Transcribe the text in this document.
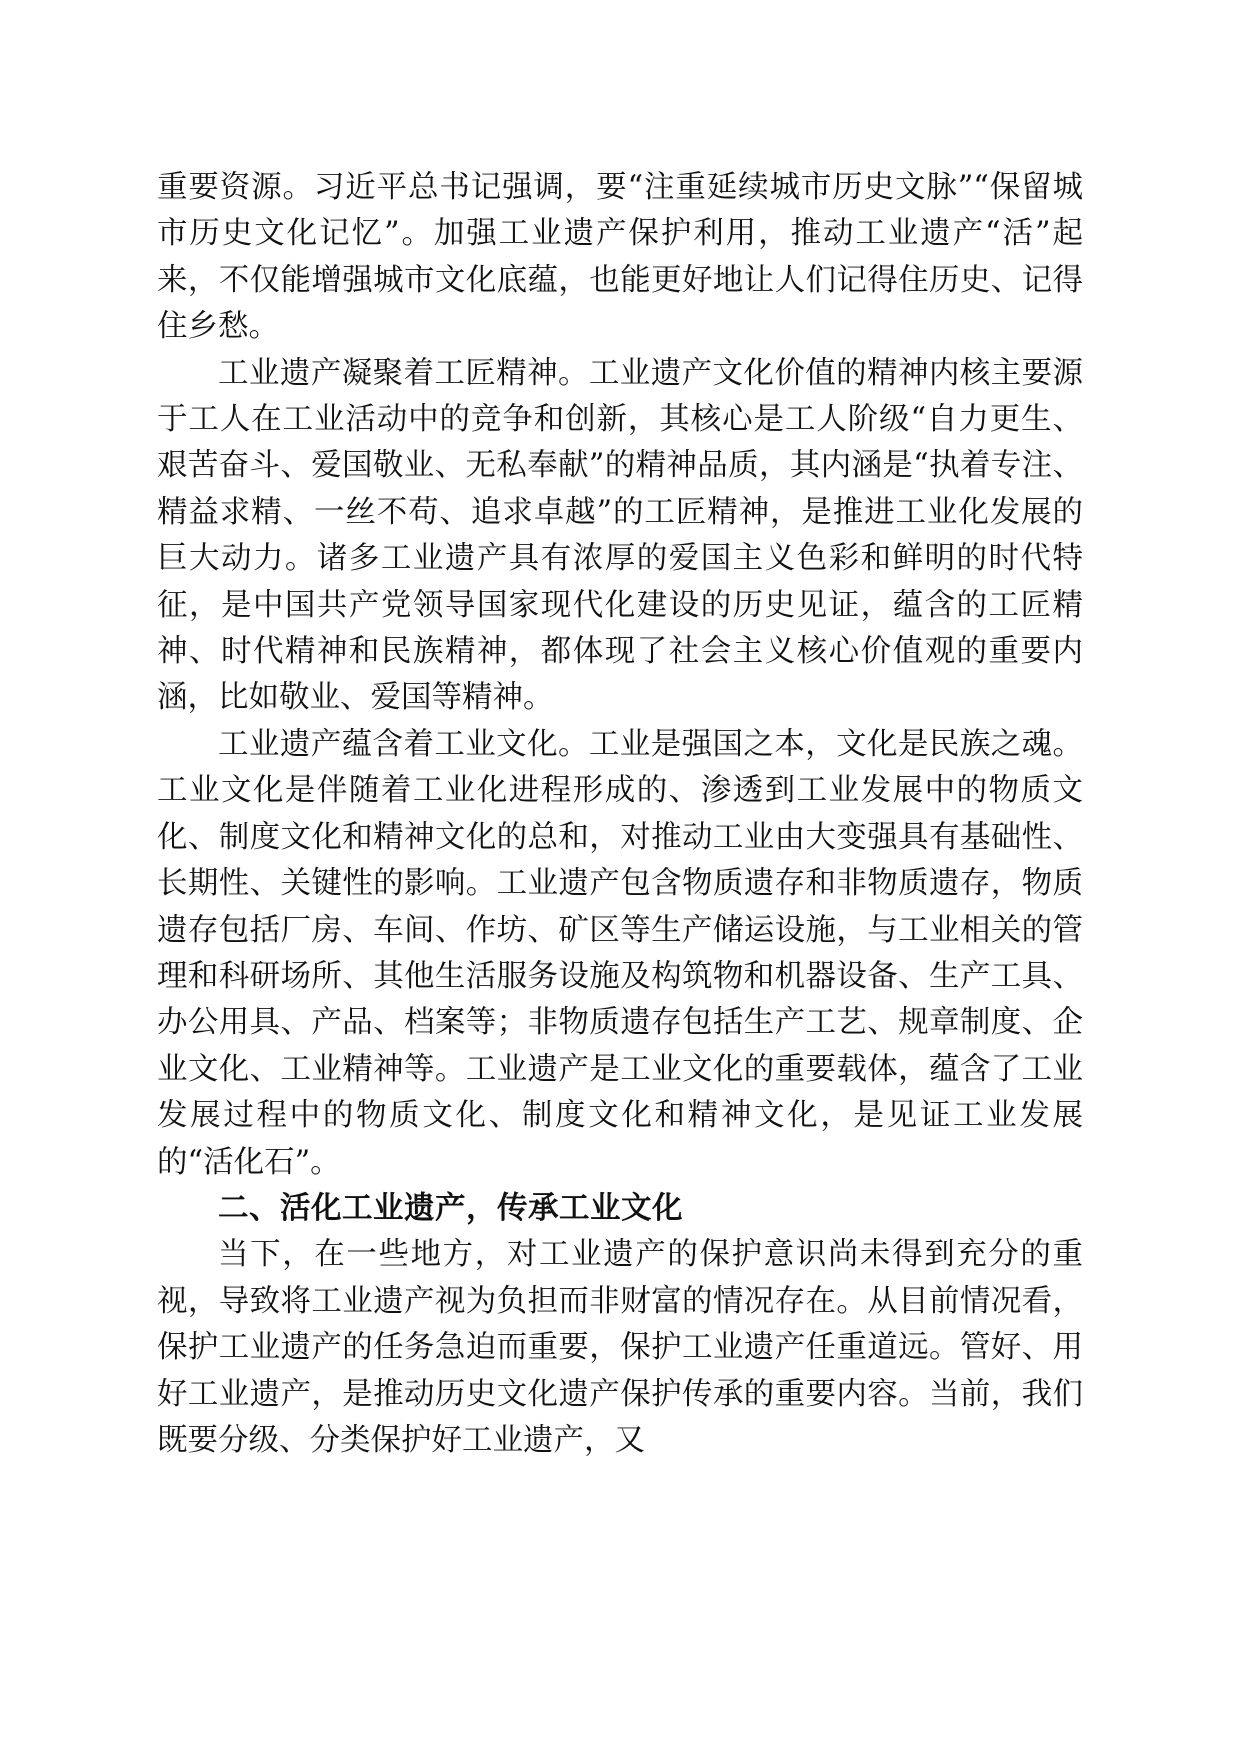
重要资源。习近平总书记强调，要“注重延续城市历史文脉”“保留城市历史文化记忆”。加强工业遗产保护利用，推动工业遗产“活”起来，不仅能增强城市文化底蕴，也能更好地让人们记得住历史、记得住乡愁。

工业遗产凝聚着工匠精神。工业遗产文化价值的精神内核主要源于工人在工业活动中的竞争和创新，其核心是工人阶级“自力更生、艰苦奋斗、爱国敬业、无私奉献”的精神品质，其内涵是“执着专注、精益求精、一丝不苟、追求卓越”的工匠精神，是推进工业化发展的巨大动力。诸多工业遗产具有浓厚的爱国主义色彩和鲜明的时代特征，是中国共产党领导国家现代化建设的历史见证，蕴含的工匠精神、时代精神和民族精神，都体现了社会主义核心价值观的重要内涵，比如敬业、爱国等精神。

工业遗产蕴含着工业文化。工业是强国之本，文化是民族之魂。工业文化是伴随着工业化进程形成的、渗透到工业发展中的物质文化、制度文化和精神文化的总和，对推动工业由大变强具有基础性、长期性、关键性的影响。工业遗产包含物质遗存和非物质遗存，物质遗存包括厂房、车间、作坊、矿区等生产储运设施，与工业相关的管理和科研场所、其他生活服务设施及构筑物和机器设备、生产工具、办公用具、产品、档案等；非物质遗存包括生产工艺、规章制度、企业文化、工业精神等。工业遗产是工业文化的重要载体，蕴含了工业发展过程中的物质文化、制度文化和精神文化，是见证工业发展的“活化石”。

二、活化工业遗产，传承工业文化

当下，在一些地方，对工业遗产的保护意识尚未得到充分的重视，导致将工业遗产视为负担而非财富的情况存在。从目前情况看，保护工业遗产的任务急迫而重要，保护工业遗产任重道远。管好、用好工业遗产，是推动历史文化遗产保护传承的重要内容。当前，我们既要分级、分类保护好工业遗产，又
